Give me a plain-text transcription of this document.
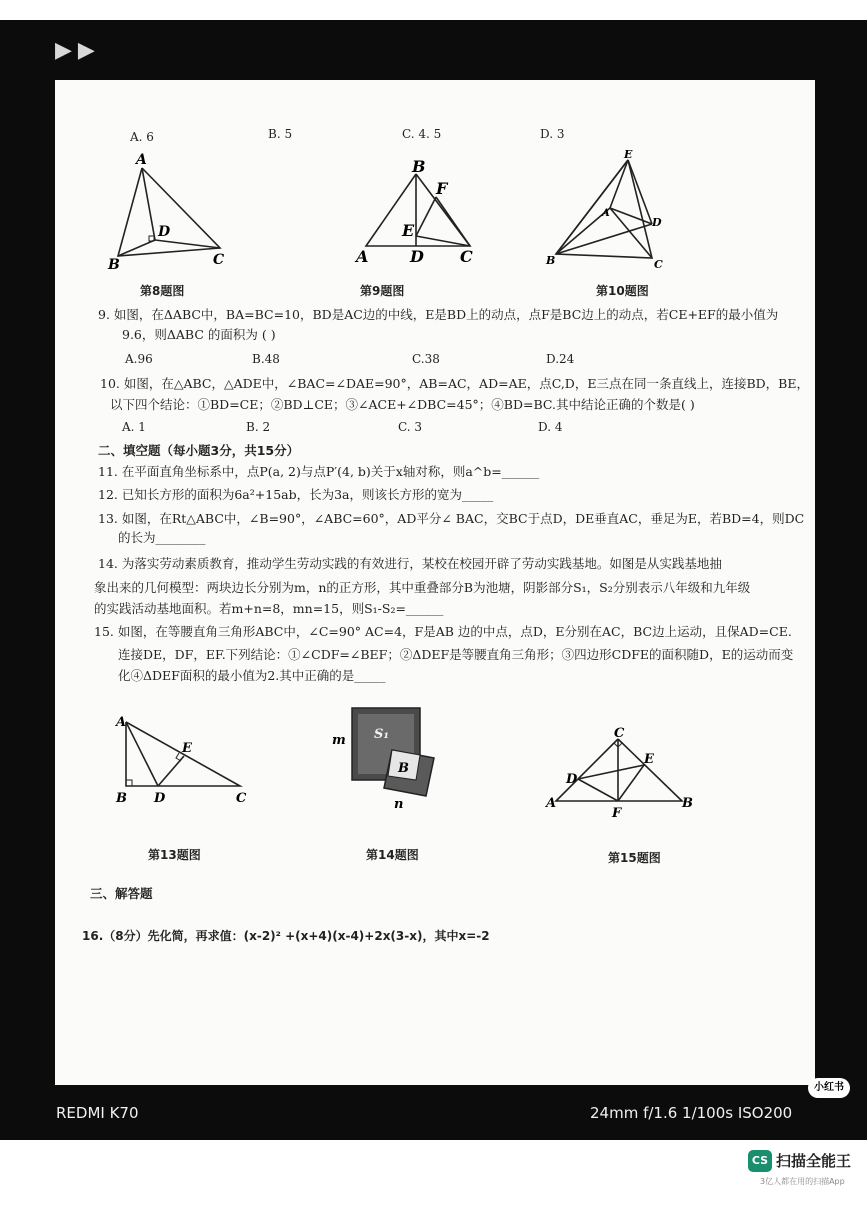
▶▶
A. 6	B. 5	C. 4. 5	D. 3
A
D
B	C
B
F
E
A	D C
E
A
D
B	C
第8题图	第9题图	第10题图
9. 如图，在ΔABC中，BA=BC=10，BD是AC边的中线，E是BD上的动点，点F是BC边上的动点，若CE+EF的最小值为
9.6，则ΔABC 的面积为 ( )
A.96	B.48	C.38	D.24
10. 如图，在△ABC，△ADE中，∠BAC=∠DAE=90°，AB=AC，AD=AE，点C,D，E三点在同一条直线上，连接BD，BE，
以下四个结论：①BD=CE；②BD⊥CE；③∠ACE+∠DBC=45°；④BD=BC.其中结论正确的个数是( )
A. 1	B. 2	C. 3	D. 4
二、填空题（每小题3分，共15分）
11. 在平面直角坐标系中，点P(a, 2)与点P′(4, b)关于x轴对称，则a^b=______
12. 已知长方形的面积为6a²+15ab，长为3a，则该长方形的宽为_____
13. 如图，在Rt△ABC中，∠B=90°，∠ABC=60°，AD平分∠ BAC，交BC于点D，DE垂直AC，垂足为E，若BD=4，则DC
的长为________
14. 为落实劳动素质教育，推动学生劳动实践的有效进行，某校在校园开辟了劳动实践基地。如图是从实践基地抽
象出来的几何模型：两块边长分别为m，n的正方形，其中重叠部分B为池塘，阴影部分S₁，S₂分别表示八年级和九年级
的实践活动基地面积。若m+n=8，mn=15，则S₁-S₂=______
15. 如图，在等腰直角三角形ABC中，∠C=90° AC=4，F是AB 边的中点，点D，E分别在AC，BC边上运动，且保AD=CE.
连接DE，DF，EF.下列结论：①∠CDF=∠BEF；②ΔDEF是等腰直角三角形；③四边形CDFE的面积随D，E的运动而变
化④ΔDEF面积的最小值为2.其中正确的是_____
A
E
B D	C
m S₁
B
n
C
E
D
A
F
B
第13题图	第14题图	第15题图
三、解答题
16.（8分）先化简，再求值：(x-2)² +(x+4)(x-4)+2x(3-x)，其中x=-2
小红书
REDMI K70	24mm f/1.6 1/100s ISO200
CS 扫描全能王
3亿人都在用的扫描App
